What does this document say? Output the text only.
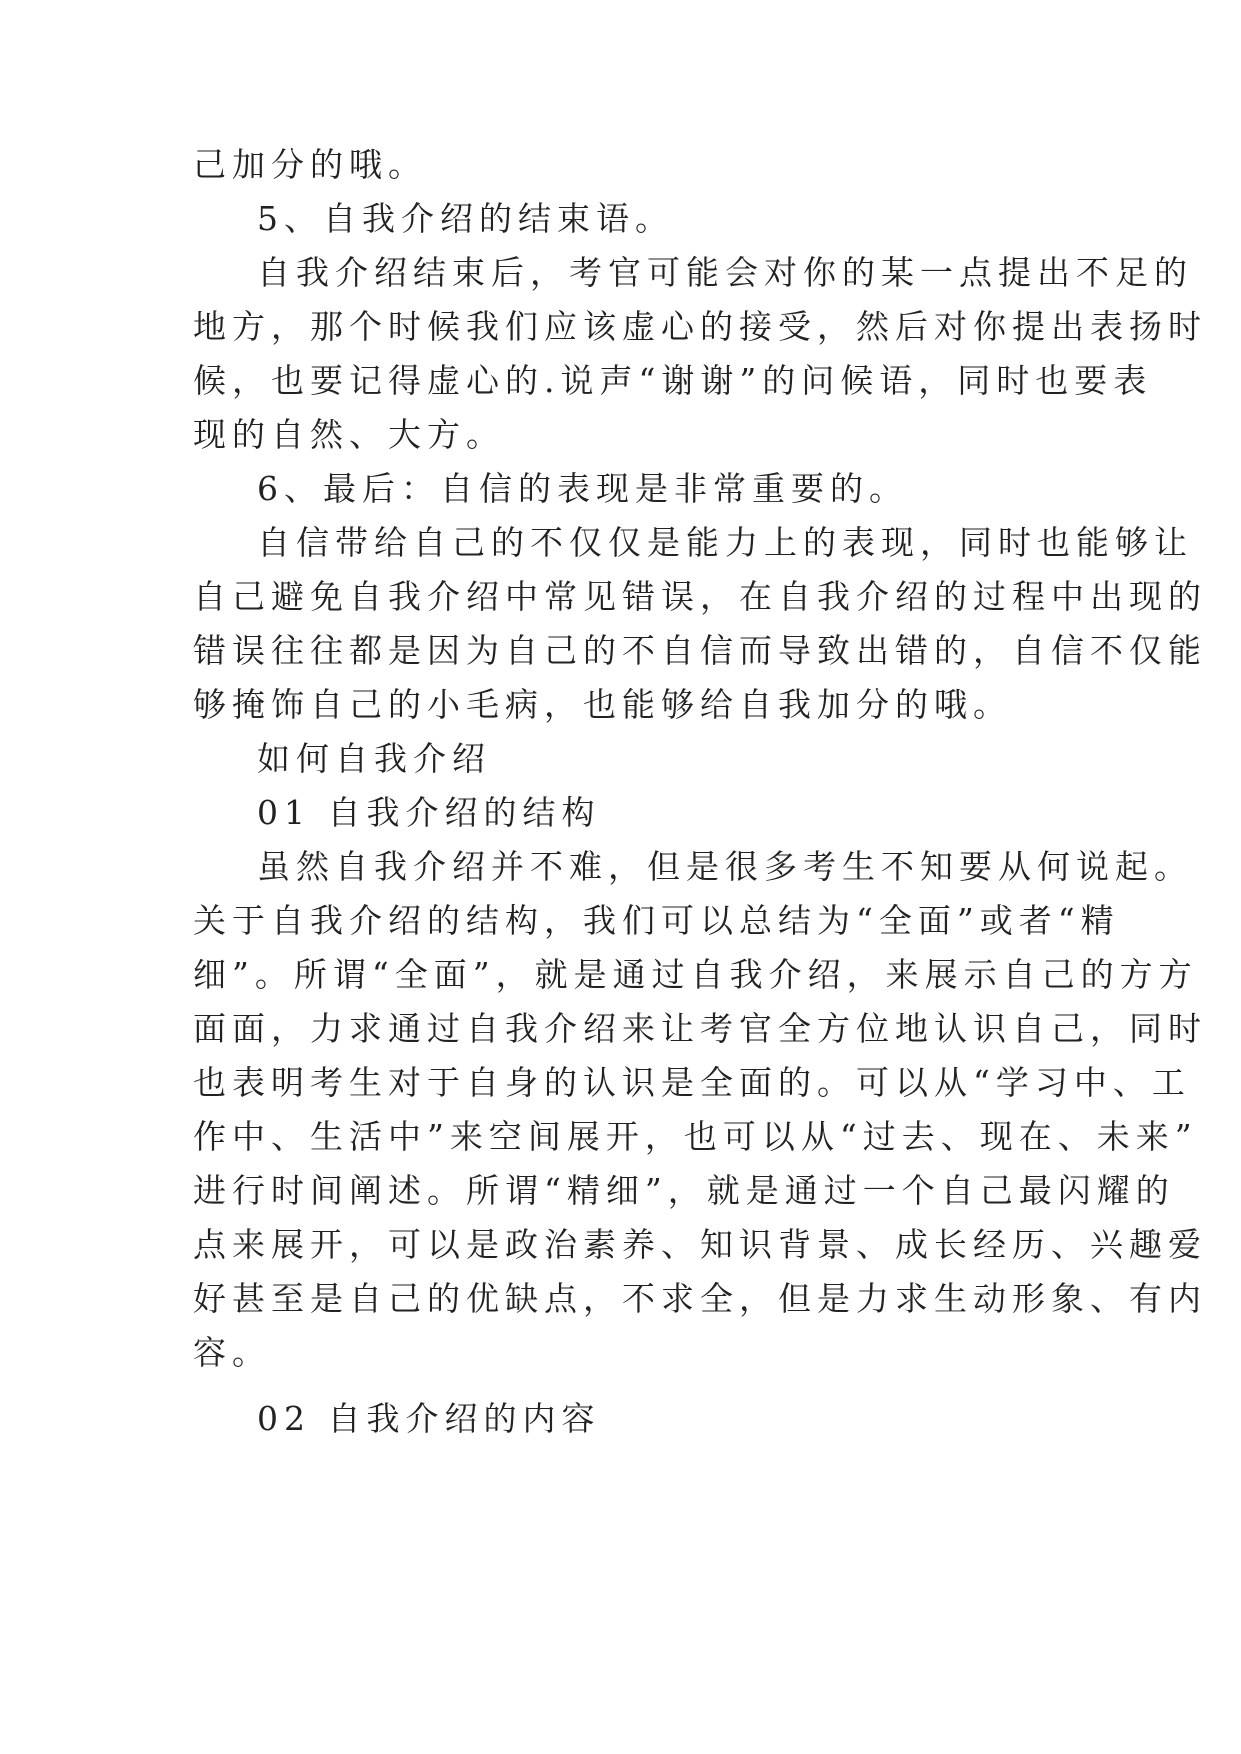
己加分的哦。
5、自我介绍的结束语。
自我介绍结束后，考官可能会对你的某一点提出不足的
地方，那个时候我们应该虚心的接受，然后对你提出表扬时
候，也要记得虚心的.说声“谢谢”的问候语，同时也要表
现的自然、大方。
6、最后：自信的表现是非常重要的。
自信带给自己的不仅仅是能力上的表现，同时也能够让
自己避免自我介绍中常见错误，在自我介绍的过程中出现的
错误往往都是因为自己的不自信而导致出错的，自信不仅能
够掩饰自己的小毛病，也能够给自我加分的哦。
如何自我介绍
01 自我介绍的结构
虽然自我介绍并不难，但是很多考生不知要从何说起。
关于自我介绍的结构，我们可以总结为“全面”或者“精
细”。所谓“全面”，就是通过自我介绍，来展示自己的方方
面面，力求通过自我介绍来让考官全方位地认识自己，同时
也表明考生对于自身的认识是全面的。可以从“学习中、工
作中、生活中”来空间展开，也可以从“过去、现在、未来”
进行时间阐述。所谓“精细”，就是通过一个自己最闪耀的
点来展开，可以是政治素养、知识背景、成长经历、兴趣爱
好甚至是自己的优缺点，不求全，但是力求生动形象、有内
容。
02 自我介绍的内容
